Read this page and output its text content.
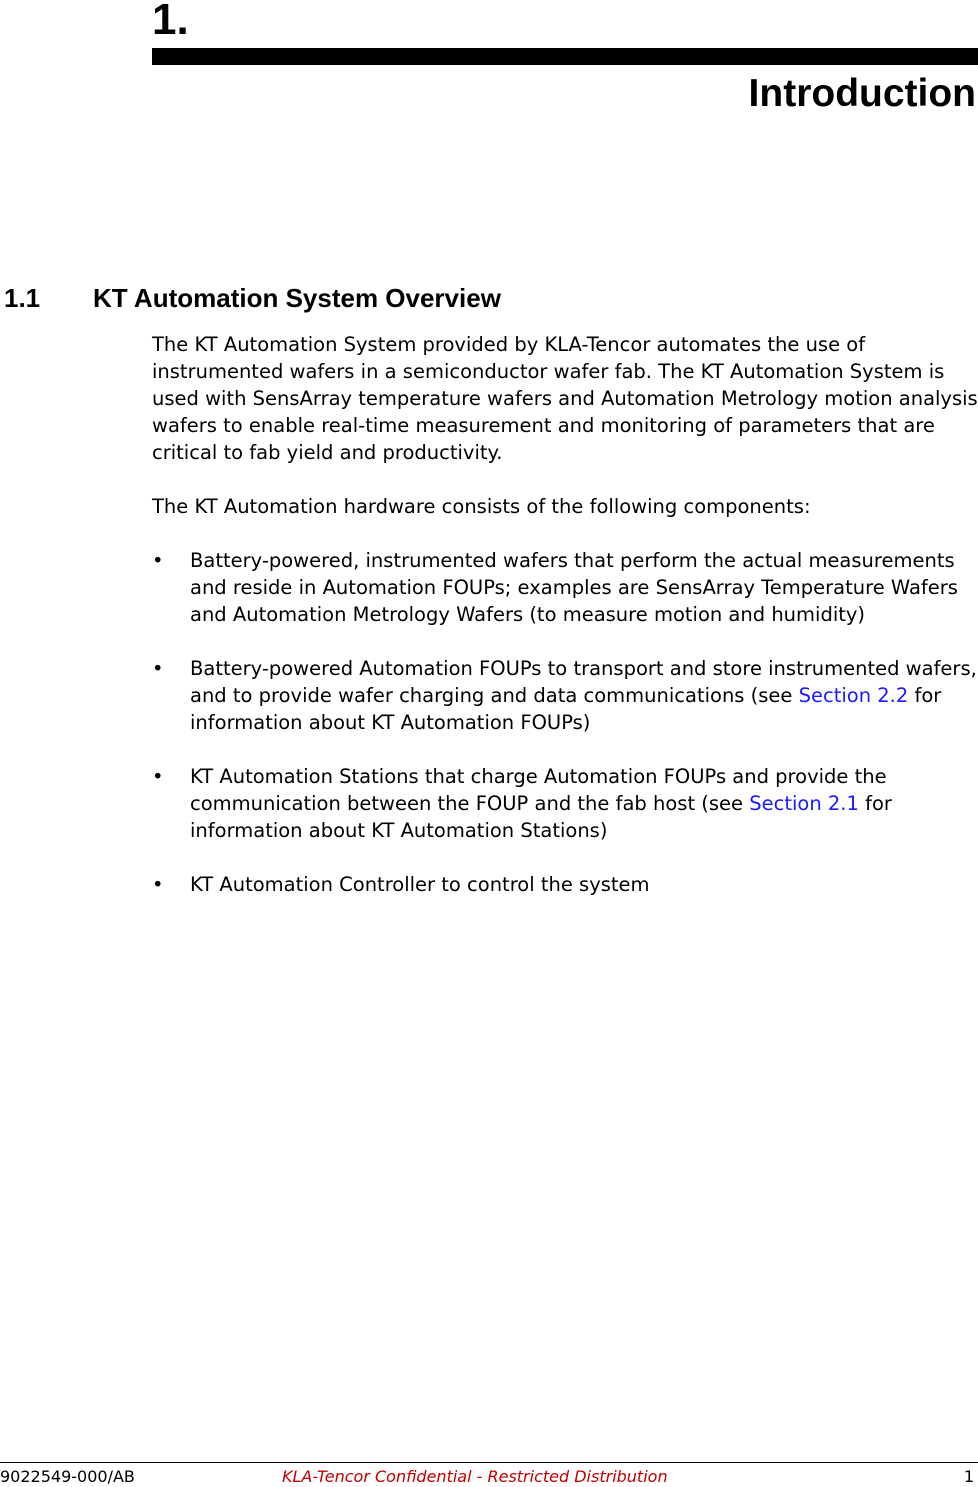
1.
Introduction
1.1 KT Automation System Overview

The KT Automation System provided by KLA-Tencor automates the use of instrumented wafers in a semiconductor wafer fab. The KT Automation System is used with SensArray temperature wafers and Automation Metrology motion analysis wafers to enable real-time measurement and monitoring of parameters that are critical to fab yield and productivity.

The KT Automation hardware consists of the following components:

• Battery-powered, instrumented wafers that perform the actual measurements and reside in Automation FOUPs; examples are SensArray Temperature Wafers and Automation Metrology Wafers (to measure motion and humidity)
• Battery-powered Automation FOUPs to transport and store instrumented wafers, and to provide wafer charging and data communications (see Section 2.2 for information about KT Automation FOUPs)
• KT Automation Stations that charge Automation FOUPs and provide the communication between the FOUP and the fab host (see Section 2.1 for information about KT Automation Stations)
• KT Automation Controller to control the system
9022549-000/AB	KLA-Tencor Confidential - Restricted Distribution	1
